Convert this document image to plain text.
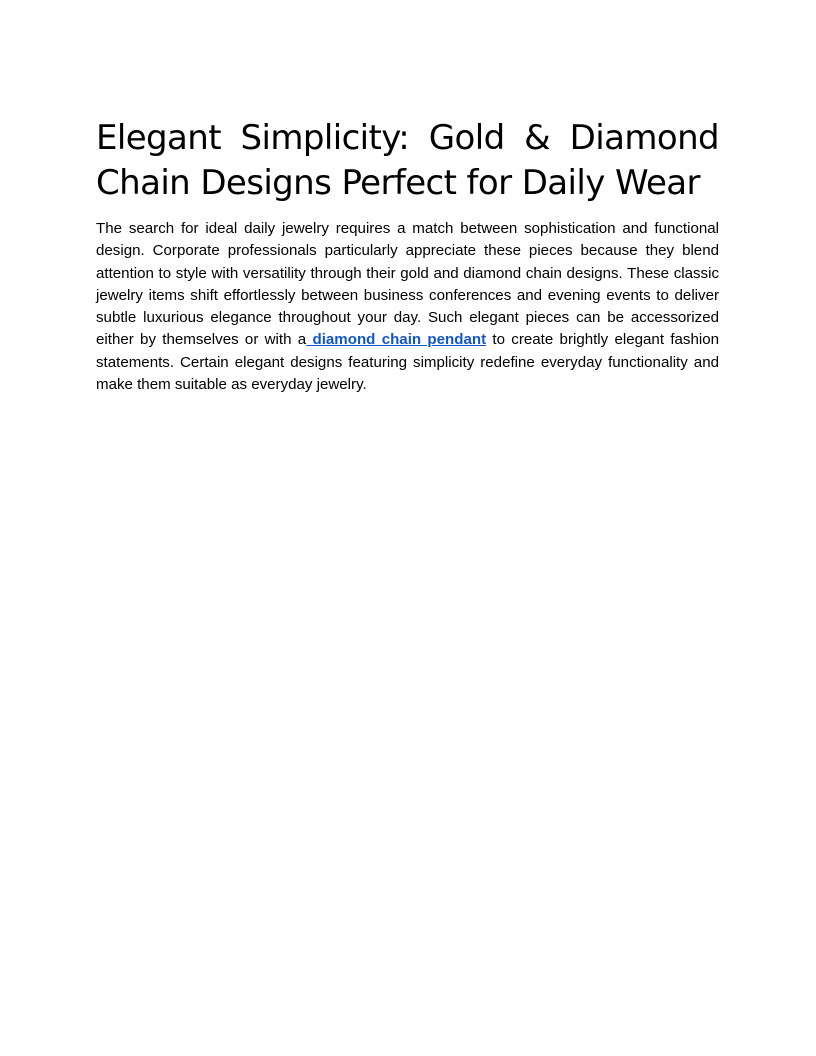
Elegant Simplicity: Gold & Diamond Chain Designs Perfect for Daily Wear

The search for ideal daily jewelry requires a match between sophistication and functional design. Corporate professionals particularly appreciate these pieces because they blend attention to style with versatility through their gold and diamond chain designs. These classic jewelry items shift effortlessly between business conferences and evening events to deliver subtle luxurious elegance throughout your day. Such elegant pieces can be accessorized either by themselves or with a diamond chain pendant to create brightly elegant fashion statements. Certain elegant designs featuring simplicity redefine everyday functionality and make them suitable as everyday jewelry.
